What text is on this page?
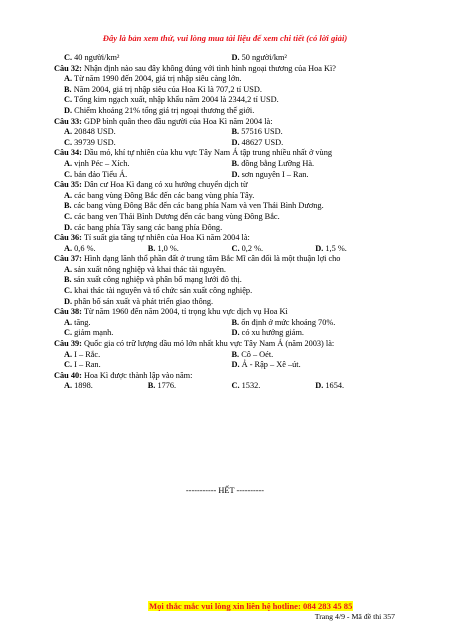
Đây là bản xem thử, vui lòng mua tài liệu để xem chi tiết (có lời giải)
C. 40 người/km²	D. 50 người/km²
Câu 32: Nhận định nào sau đây không đúng với tình hình ngoại thương của Hoa Kì?
A. Từ năm 1990 đến 2004, giá trị nhập siêu càng lớn.
B. Năm 2004, giá trị nhập siêu của Hoa Kì là 707,2 tỉ USD.
C. Tổng kim ngạch xuất, nhập khẩu năm 2004 là 2344,2 tỉ USD.
D. Chiếm khoảng 21% tổng giá trị ngoại thương thế giới.
Câu 33: GDP bình quân theo đầu người của Hoa Kì năm 2004 là:
A. 20848 USD.	B. 57516 USD.
C. 39739 USD.	D. 48627 USD.
Câu 34: Dầu mỏ, khí tự nhiên của khu vực Tây Nam Á tập trung nhiều nhất ở vùng
A. vịnh Péc – Xích.	B. đồng bằng Lưỡng Hà.
C. bán đảo Tiểu Á.	D. sơn nguyên I – Ran.
Câu 35: Dân cư Hoa Kì đang có xu hướng chuyển dịch từ
A. các bang vùng Đông Bắc đến các bang vùng phía Tây.
B. các bang vùng Đông Bắc đến các bang phía Nam và ven Thái Bình Dương.
C. các bang ven Thái Bình Dương đến các bang vùng Đông Bắc.
D. các bang phía Tây sang các bang phía Đông.
Câu 36: Tỉ suất gia tăng tự nhiên của Hoa Kì năm 2004 là:
A. 0,6 %.	B. 1,0 %.	C. 0,2 %.	D. 1,5 %.
Câu 37: Hình dạng lãnh thổ phần đất ở trung tâm Bắc Mĩ cân đối là một thuận lợi cho
A. sản xuất nông nghiệp và khai thác tài nguyên.
B. sản xuất công nghiệp và phân bố mạng lưới đô thị.
C. khai thác tài nguyên và tổ chức sản xuất công nghiệp.
D. phân bố sản xuất và phát triển giao thông.
Câu 38: Từ năm 1960 đến năm 2004, tỉ trọng khu vực dịch vụ Hoa Kì
A. tăng.	B. ổn định ở mức khoảng 70%.
C. giảm mạnh.	D. có xu hướng giảm.
Câu 39: Quốc gia có trữ lượng dầu mỏ lớn nhất khu vực Tây Nam Á (năm 2003) là:
A. I – Rắc.	B. Cô – Oét.
C. I – Ran.	D. Ả - Rập – Xê –út.
Câu 40: Hoa Kì được thành lập vào năm:
A. 1898.	B. 1776.	C. 1532.	D. 1654.
----------- HẾT ----------
Mọi thắc mắc vui lòng xin liên hệ hotline: 084 283 45 85
Trang 4/9 - Mã đề thi 357
